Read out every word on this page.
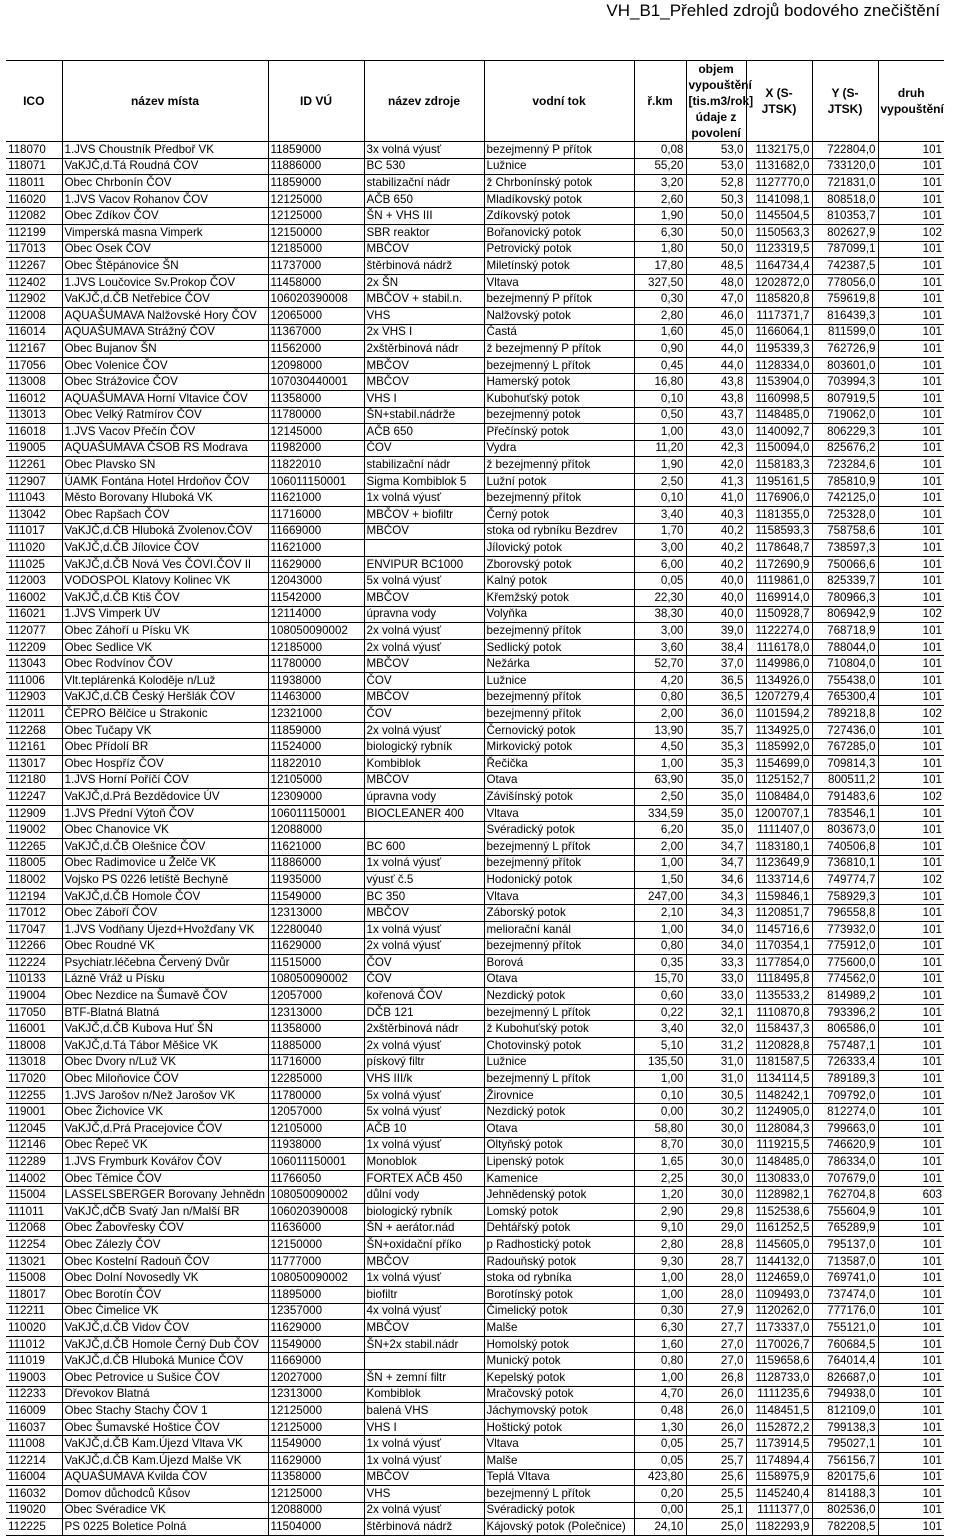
VH_B1_Přehled zdrojů bodového znečištění
ICO	název místa	ID VÚ	název zdroje	vodní tok	ř.km	objem vypouštění [tis.m3/rok] údaje z povolení	X (S-JTSK)	Y (S-JTSK)	druh vypouštění
118070	1.JVS Choustník Předboř VK	11859000	3x volná výusť	bezejmenný P přítok	0,08	53,0	1132175,0	722804,0	101
118071	VaKJČ,d.Tá Roudná ČOV	11886000	BC 530	Lužnice	55,20	53,0	1131682,0	733120,0	101
118011	Obec Chrbonín ČOV	11859000	stabilizační nádr	ž Chrbonínský potok	3,20	52,8	1127770,0	721831,0	101
116020	1.JVS Vacov Rohanov ČOV	12125000	AČB 650	Mladíkovský potok	2,60	50,3	1141098,1	808518,0	101
112082	Obec Zdíkov ČOV	12125000	ŠN + VHS III	Zdíkovský potok	1,90	50,0	1145504,5	810353,7	101
112199	Vimperská masna Vimperk	12150000	SBR reaktor	Bořanovický potok	6,30	50,0	1150563,3	802627,9	102
117013	Obec Osek ČOV	12185000	MBČOV	Petrovický potok	1,80	50,0	1123319,5	787099,1	101
112267	Obec Štěpánovice ŠN	11737000	štěrbinová nádrž	Miletínský potok	17,80	48,5	1164734,4	742387,5	101
112402	1.JVS Loučovice Sv.Prokop ČOV	11458000	2x ŠN	Vltava	327,50	48,0	1202872,0	778056,0	101
112902	VaKJČ,d.ČB Netřebice ČOV	106020390008	MBČOV + stabil.n.	bezejmenný P přítok	0,30	47,0	1185820,8	759619,8	101
112008	AQUAŠUMAVA Nalžovské Hory ČOV	12065000	VHS	Nalžovský potok	2,80	46,0	1117371,7	816439,3	101
116014	AQUAŠUMAVA Strážný ČOV	11367000	2x VHS I	Častá	1,60	45,0	1166064,1	811599,0	101
112167	Obec Bujanov ŠN	11562000	2xštěrbinová nádr	ž bezejmenný P přítok	0,90	44,0	1195339,3	762726,9	101
117056	Obec Volenice ČOV	12098000	MBČOV	bezejmenný L přítok	0,45	44,0	1128334,0	803601,0	101
113008	Obec Strážovice ČOV	107030440001	MBČOV	Hamerský potok	16,80	43,8	1153904,0	703994,3	101
116012	AQUAŠUMAVA Horní Vltavice ČOV	11358000	VHS I	Kubohuťský potok	0,10	43,8	1160998,5	807919,5	101
113013	Obec Velký Ratmírov ČOV	11780000	ŠN+stabil.nádrže	bezejmenný potok	0,50	43,7	1148485,0	719062,0	101
116018	1.JVS Vacov Přečín ČOV	12145000	AČB 650	Přečínský potok	1,00	43,0	1140092,7	806229,3	101
119005	AQUAŠUMAVA ČSOB RS Modrava	11982000	ČOV	Vydra	11,20	42,3	1150094,0	825676,2	101
112261	Obec Plavsko SN	11822010	stabilizační nádr	ž bezejmenný přítok	1,90	42,0	1158183,3	723284,6	101
112907	ÚAMK Fontána Hotel Hrdoňov ČOV	106011150001	Sigma Kombiblok 5	Lužní potok	2,50	41,3	1195161,5	785810,9	101
111043	Město Borovany Hluboká VK	11621000	1x volná výusť	bezejmenný přítok	0,10	41,0	1176906,0	742125,0	101
113042	Obec Rapšach ČOV	11716000	MBČOV + biofiltr	Černý potok	3,40	40,3	1181355,0	725328,0	101
111017	VaKJČ,d.ČB Hluboká Zvolenov.ČOV	11669000	MBČOV	stoka od rybníku Bezdrev	1,70	40,2	1158593,3	758758,6	101
111020	VaKJČ,d.ČB Jílovice ČOV	11621000		Jílovický potok	3,00	40,2	1178648,7	738597,3	101
111025	VaKJČ,d.ČB Nová Ves ČOVI.ČOV II	11629000	ENVIPUR BC1000	Zborovský potok	6,00	40,2	1172690,9	750066,6	101
112003	VODOSPOL Klatovy Kolinec VK	12043000	5x volná výusť	Kalný potok	0,05	40,0	1119861,0	825339,7	101
116002	VaKJČ,d.ČB Ktiš ČOV	11542000	MBČOV	Křemžský potok	22,30	40,0	1169914,0	780966,3	101
116021	1.JVS Vimperk ÚV	12114000	úpravna vody	Volyňka	38,30	40,0	1150928,7	806942,9	102
112077	Obec Záhoří u Písku VK	108050090002	2x volná výusť	bezejmenný přítok	3,00	39,0	1122274,0	768718,9	101
112209	Obec Sedlice VK	12185000	2x volná výusť	Sedlický potok	3,60	38,4	1116178,0	788044,0	101
113043	Obec Rodvínov ČOV	11780000	MBČOV	Nežárka	52,70	37,0	1149986,0	710804,0	101
111006	Vlt.teplárenká Koloděje n/Luž	11938000	ČOV	Lužnice	4,20	36,5	1134926,0	755438,0	101
112903	VaKJČ,d.ČB Český Heršlák ČOV	11463000	MBČOV	bezejmenný přítok	0,80	36,5	1207279,4	765300,4	101
112011	ČEPRO Bělčice u Strakonic	12321000	ČOV	bezejmenný přítok	2,00	36,0	1101594,2	789218,8	102
112268	Obec Tučapy VK	11859000	2x volná výusť	Černovický potok	13,90	35,7	1134925,0	727436,0	101
112161	Obec Přídolí BR	11524000	biologický rybník	Mirkovický potok	4,50	35,3	1185992,0	767285,0	101
113017	Obec Hospříz ČOV	11822010	Kombiblok	Řečička	1,00	35,3	1154699,0	709814,3	101
112180	1.JVS Horní Poříčí ČOV	12105000	MBČOV	Otava	63,90	35,0	1125152,7	800511,2	101
112247	VaKJČ,d.Prá Bezdědovice ÚV	12309000	úpravna vody	Závišínský potok	2,50	35,0	1108484,0	791483,6	102
112909	1.JVS Přední Výtoň ČOV	106011150001	BIOCLEANER 400	Vltava	334,59	35,0	1200707,1	783546,1	101
119002	Obec Chanovice VK	12088000		Svéradický potok	6,20	35,0	1111407,0	803673,0	101
112265	VaKJČ,d.ČB Olešnice ČOV	11621000	BC 600	bezejmenný L přítok	2,00	34,7	1183180,1	740506,8	101
118005	Obec Radimovice u Želče VK	11886000	1x volná výusť	bezejmenný přítok	1,00	34,7	1123649,9	736810,1	101
118002	Vojsko PS 0226 letiště Bechyně	11935000	výusť č.5	Hodonický potok	1,50	34,6	1133714,6	749774,7	102
112194	VaKJČ,d.ČB Homole ČOV	11549000	BC 350	Vltava	247,00	34,3	1159846,1	758929,3	101
117012	Obec Záboří ČOV	12313000	MBČOV	Záborský potok	2,10	34,3	1120851,7	796558,8	101
117047	1.JVS Vodňany Újezd+Hvožďany VK	12280040	1x volná výusť	meliorační kanál	1,00	34,0	1145716,6	773932,0	101
112266	Obec Roudné VK	11629000	2x volná výusť	bezejmenný přítok	0,80	34,0	1170354,1	775912,0	101
112224	Psychiatr.léčebna Červený Dvůr	11515000	ČOV	Borová	0,35	33,3	1177854,0	775600,0	101
110133	Lázně Vráž u Písku	108050090002	ČOV	Otava	15,70	33,0	1118495,8	774562,0	101
119004	Obec Nezdice na Šumavě ČOV	12057000	kořenová ČOV	Nezdický potok	0,60	33,0	1135533,2	814989,2	101
117050	BTF-Blatná Blatná	12313000	DČB 121	bezejmenný L přítok	0,22	32,1	1110870,8	793396,2	101
116001	VaKJČ,d.ČB Kubova Huť ŠN	11358000	2xštěrbinová nádr	ž Kubohuťský potok	3,40	32,0	1158437,3	806586,0	101
118008	VaKJČ,d.Tá Tábor Měšice VK	11885000	2x volná výusť	Chotovinský potok	5,10	31,2	1120828,8	757487,1	101
113018	Obec Dvory n/Luž VK	11716000	pískový filtr	Lužnice	135,50	31,0	1181587,5	726333,4	101
117020	Obec Miloňovice ČOV	12285000	VHS III/k	bezejmenný L přítok	1,00	31,0	1134114,5	789189,3	101
112255	1.JVS Jarošov n/Než Jarošov VK	11780000	5x volná výusť	Žirovnice	0,10	30,5	1148242,1	709792,0	101
119001	Obec Žichovice VK	12057000	5x volná výusť	Nezdický potok	0,00	30,2	1124905,0	812274,0	101
112045	VaKJČ,d.Prá Pracejovice ČOV	12105000	AČB 10	Otava	58,80	30,0	1128084,3	799663,0	101
112146	Obec Řepeč VK	11938000	1x volná výusť	Oltyňský potok	8,70	30,0	1119215,5	746620,9	101
112289	1.JVS Frymburk Kovářov ČOV	106011150001	Monoblok	Lipenský potok	1,65	30,0	1148485,0	786334,0	101
114002	Obec Těmice ČOV	11766050	FORTEX AČB 450	Kamenice	2,25	30,0	1130833,0	707679,0	101
115004	LASSELSBERGER Borovany Jehnědn	108050090002	důlní vody	Jehnědenský potok	1,20	30,0	1128982,1	762704,8	603
111011	VaKJČ,dČB Svatý Jan n/Malší BR	106020390008	biologický rybník	Lomský potok	2,90	29,8	1152538,6	755604,9	101
112068	Obec Žabovřesky ČOV	11636000	ŠN + aerátor.nád	Dehtářský potok	9,10	29,0	1161252,5	765289,9	101
112254	Obec Zálezly ČOV	12150000	ŠN+oxidační příko	p Radhostický potok	2,80	28,8	1145605,0	795137,0	101
113021	Obec Kostelní Radouň ČOV	11777000	MBČOV	Radouňský potok	9,30	28,7	1144132,0	713587,0	101
115008	Obec Dolní Novosedly VK	108050090002	1x volná výusť	stoka od rybníka	1,00	28,0	1124659,0	769741,0	101
118017	Obec Borotín ČOV	11895000	biofiltr	Borotínský potok	1,00	28,0	1109493,0	737474,0	101
112211	Obec Čimelice VK	12357000	4x volná výusť	Čimelický potok	0,30	27,9	1120262,0	777176,0	101
110020	VaKJČ,d.ČB Vidov ČOV	11629000	MBČOV	Malše	6,30	27,7	1173337,0	755121,0	101
111012	VaKJČ,d.ČB Homole Černý Dub ČOV	11549000	ŠN+2x stabil.nádr	Homolský potok	1,60	27,0	1170026,7	760684,5	101
111019	VaKJČ,d.ČB Hluboká Munice ČOV	11669000		Munický potok	0,80	27,0	1159658,6	764014,4	101
119003	Obec Petrovice u Sušice ČOV	12027000	ŠN + zemní filtr	Kepelský potok	1,00	26,8	1128733,0	826687,0	101
112233	Dřevokov Blatná	12313000	Kombiblok	Mračovský potok	4,70	26,0	1111235,6	794938,0	101
116009	Obec Stachy Stachy ČOV 1	12125000	balená VHS	Jáchymovský potok	0,48	26,0	1148451,5	812109,0	101
116037	Obec Šumavské Hoštice ČOV	12125000	VHS I	Hoštický potok	1,30	26,0	1152872,2	799138,3	101
111008	VaKJČ,d.ČB Kam.Újezd Vltava VK	11549000	1x volná výusť	Vltava	0,05	25,7	1173914,5	795027,1	101
112214	VaKJČ,d.ČB Kam.Újezd Malše VK	11629000	1x volná výusť	Malše	0,05	25,7	1174894,4	756156,7	101
116004	AQUAŠUMAVA Kvilda ČOV	11358000	MBČOV	Teplá Vltava	423,80	25,6	1158975,9	820175,6	101
116032	Domov důchodců Kůsov	12125000	VHS	bezejmenný L přítok	0,20	25,5	1145240,4	814188,3	101
119020	Obec Svéradice VK	12088000	2x volná výusť	Svéradický potok	0,00	25,1	1111377,0	802536,0	101
112225	PS 0225 Boletice Polná	11504000	štěrbinová nádrž	Kájovský potok (Polečnice)	24,10	25,0	1182293,9	782208,5	101
